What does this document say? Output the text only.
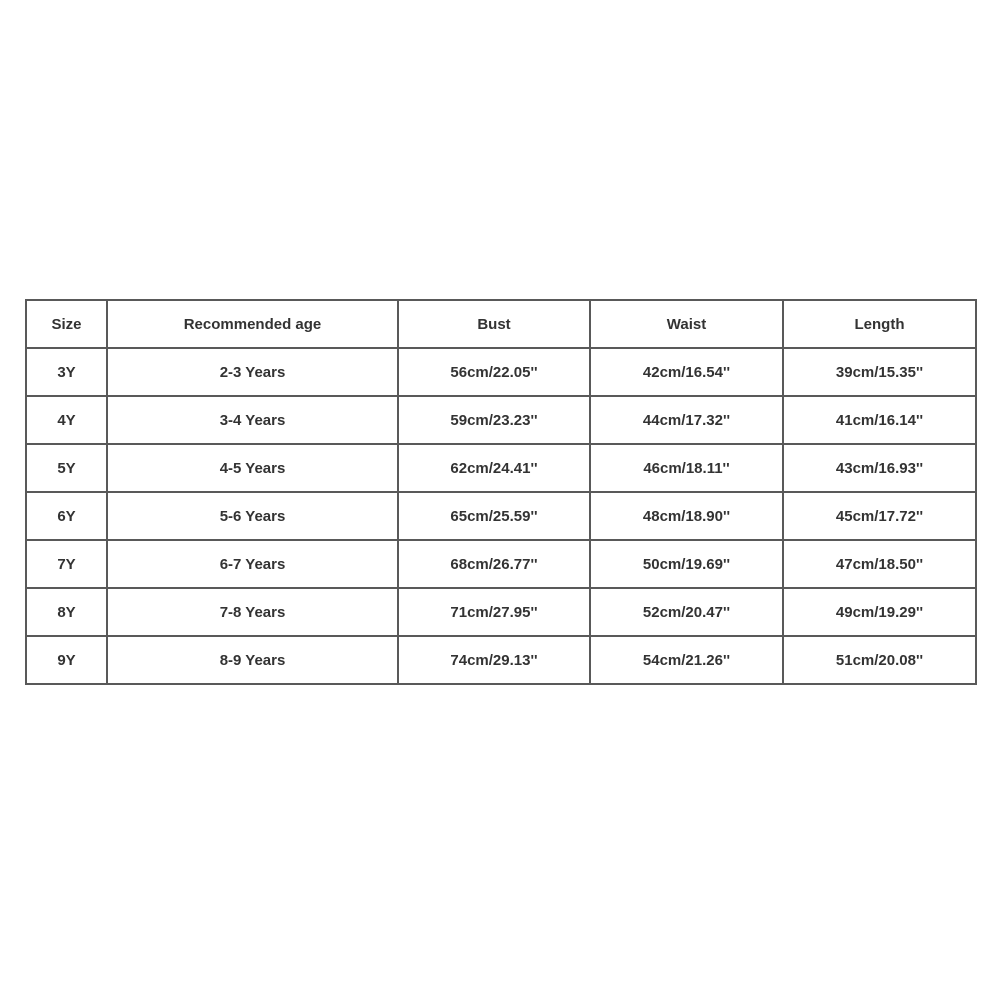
Size	Recommended age	Bust	Waist	Length
3Y	2-3 Years	56cm/22.05''	42cm/16.54''	39cm/15.35''
4Y	3-4 Years	59cm/23.23''	44cm/17.32''	41cm/16.14''
5Y	4-5 Years	62cm/24.41''	46cm/18.11''	43cm/16.93''
6Y	5-6 Years	65cm/25.59''	48cm/18.90''	45cm/17.72''
7Y	6-7 Years	68cm/26.77''	50cm/19.69''	47cm/18.50''
8Y	7-8 Years	71cm/27.95''	52cm/20.47''	49cm/19.29''
9Y	8-9 Years	74cm/29.13''	54cm/21.26''	51cm/20.08''
